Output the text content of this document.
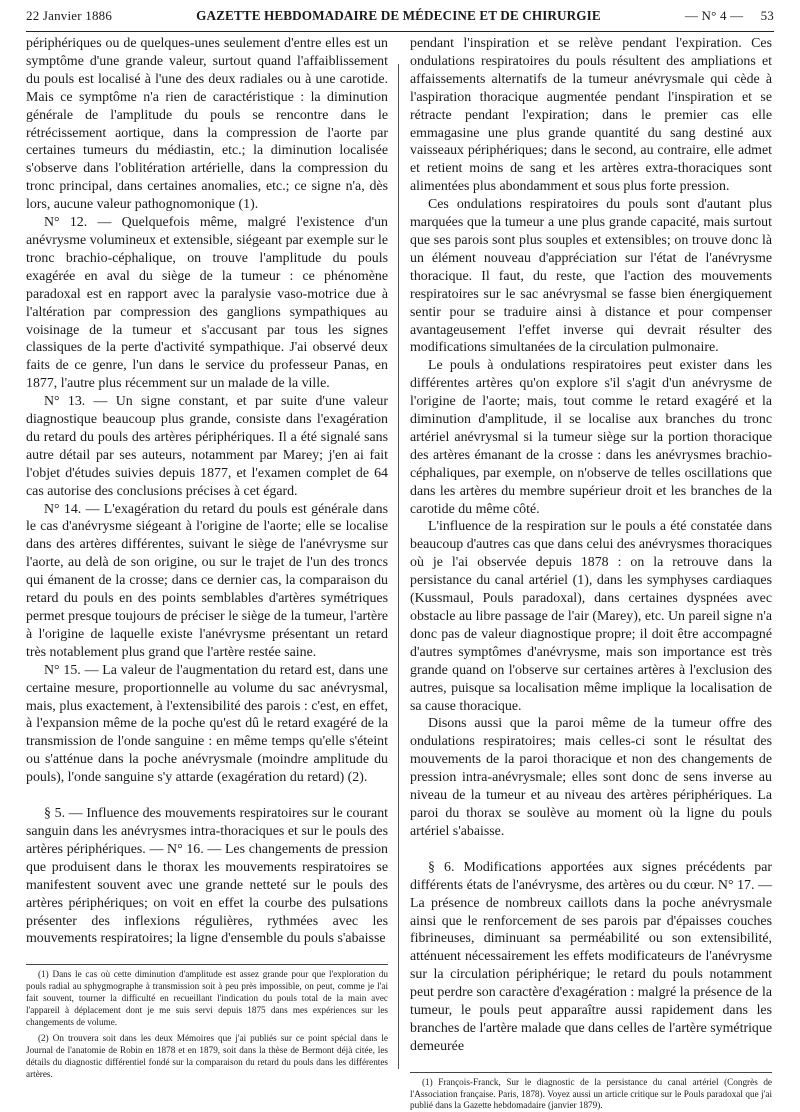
22 Janvier 1886	GAZETTE HEBDOMADAIRE DE MÉDECINE ET DE CHIRURGIE	— N° 4 — 53

périphériques ou de quelques-unes seulement d'entre elles est un symptôme d'une grande valeur, surtout quand l'affaiblissement du pouls est localisé à l'une des deux radiales ou à une carotide. Mais ce symptôme n'a rien de caractéristique : la diminution générale de l'amplitude du pouls se rencontre dans le rétrécissement aortique, dans la compression de l'aorte par certaines tumeurs du médiastin, etc.; la diminution localisée s'observe dans l'oblitération artérielle, dans la compression du tronc principal, dans certaines anomalies, etc.; ce signe n'a, dès lors, aucune valeur pathognomonique (1).

N° 12. — Quelquefois même, malgré l'existence d'un anévrysme volumineux et extensible, siégeant par exemple sur le tronc brachio-céphalique, on trouve l'amplitude du pouls exagérée en aval du siège de la tumeur : ce phénomène paradoxal est en rapport avec la paralysie vaso-motrice due à l'altération par compression des ganglions sympathiques au voisinage de la tumeur et s'accusant par tous les signes classiques de la perte d'activité sympathique. J'ai observé deux faits de ce genre, l'un dans le service du professeur Panas, en 1877, l'autre plus récemment sur un malade de la ville.

N° 13. — Un signe constant, et par suite d'une valeur diagnostique beaucoup plus grande, consiste dans l'exagération du retard du pouls des artères périphériques. Il a été signalé sans autre détail par ses auteurs, notamment par Marey; j'en ai fait l'objet d'études suivies depuis 1877, et l'examen complet de 64 cas autorise des conclusions précises à cet égard.

N° 14. — L'exagération du retard du pouls est générale dans le cas d'anévrysme siégeant à l'origine de l'aorte; elle se localise dans des artères différentes, suivant le siège de l'anévrysme sur l'aorte, au delà de son origine, ou sur le trajet de l'un des troncs qui émanent de la crosse; dans ce dernier cas, la comparaison du retard du pouls en des points semblables d'artères symétriques permet presque toujours de préciser le siège de la tumeur, l'artère à l'origine de laquelle existe l'anévrysme présentant un retard très notablement plus grand que l'artère restée saine.

N° 15. — La valeur de l'augmentation du retard est, dans une certaine mesure, proportionnelle au volume du sac anévrysmal, mais, plus exactement, à l'extensibilité des parois : c'est, en effet, à l'expansion même de la poche qu'est dû le retard exagéré de la transmission de l'onde sanguine : en même temps qu'elle s'éteint ou s'atténue dans la poche anévrysmale (moindre amplitude du pouls), l'onde sanguine s'y attarde (exagération du retard) (2).

§ 5. — Influence des mouvements respiratoires sur le courant sanguin dans les anévrysmes intra-thoraciques et sur le pouls des artères périphériques. — N° 16. — Les changements de pression que produisent dans le thorax les mouvements respiratoires se manifestent souvent avec une grande netteté sur le pouls des artères périphériques; on voit en effet la courbe des pulsations présenter des inflexions régulières, rythmées avec les mouvements respiratoires; la ligne d'ensemble du pouls s'abaisse

(1) Dans le cas où cette diminution d'amplitude est assez grande pour que l'exploration du pouls radial au sphygmographe à transmission soit à peu près impossible, on peut, comme je l'ai fait souvent, tourner la difficulté en recueillant l'indication du pouls total de la main avec l'appareil à déplacement dont je me suis servi depuis 1875 dans mes expériences sur les changements de volume.

(2) On trouvera soit dans les deux Mémoires que j'ai publiés sur ce point spécial dans le Journal de l'anatomie de Robin en 1878 et en 1879, soit dans la thèse de Bermont déjà citée, les détails du diagnostic différentiel fondé sur la comparaison du retard du pouls dans les différentes artères.

pendant l'inspiration et se relève pendant l'expiration. Ces ondulations respiratoires du pouls résultent des ampliations et affaissements alternatifs de la tumeur anévrysmale qui cède à l'aspiration thoracique augmentée pendant l'inspiration et se rétracte pendant l'expiration; dans le premier cas elle emmagasine une plus grande quantité du sang destiné aux vaisseaux périphériques; dans le second, au contraire, elle admet et retient moins de sang et les artères extra-thoraciques sont alimentées plus abondamment et sous plus forte pression.

Ces ondulations respiratoires du pouls sont d'autant plus marquées que la tumeur a une plus grande capacité, mais surtout que ses parois sont plus souples et extensibles; on trouve donc là un élément nouveau d'appréciation sur l'état de l'anévrysme thoracique. Il faut, du reste, que l'action des mouvements respiratoires sur le sac anévrysmal se fasse bien énergiquement sentir pour se traduire ainsi à distance et pour compenser avantageusement l'effet inverse qui devrait résulter des modifications simultanées de la circulation pulmonaire.

Le pouls à ondulations respiratoires peut exister dans les différentes artères qu'on explore s'il s'agit d'un anévrysme de l'origine de l'aorte; mais, tout comme le retard exagéré et la diminution d'amplitude, il se localise aux branches du tronc artériel anévrysmal si la tumeur siège sur la portion thoracique des artères émanant de la crosse : dans les anévrysmes brachio-céphaliques, par exemple, on n'observe de telles oscillations que dans les artères du membre supérieur droit et les branches de la carotide du même côté.

L'influence de la respiration sur le pouls a été constatée dans beaucoup d'autres cas que dans celui des anévrysmes thoraciques où je l'ai observée depuis 1878 : on la retrouve dans la persistance du canal artériel (1), dans les symphyses cardiaques (Kussmaul, Pouls paradoxal), dans certaines dyspnées avec obstacle au libre passage de l'air (Marey), etc. Un pareil signe n'a donc pas de valeur diagnostique propre; il doit être accompagné d'autres symptômes d'anévrysme, mais son importance est très grande quand on l'observe sur certaines artères à l'exclusion des autres, puisque sa localisation même implique la localisation de sa cause thoracique.

Disons aussi que la paroi même de la tumeur offre des ondulations respiratoires; mais celles-ci sont le résultat des mouvements de la paroi thoracique et non des changements de pression intra-anévrysmale; elles sont donc de sens inverse au niveau de la tumeur et au niveau des artères périphériques. La paroi du thorax se soulève au moment où la ligne du pouls artériel s'abaisse.

§ 6. Modifications apportées aux signes précédents par différents états de l'anévrysme, des artères ou du cœur. N° 17. — La présence de nombreux caillots dans la poche anévrysmale ainsi que le renforcement de ses parois par d'épaisses couches fibrineuses, diminuant sa perméabilité ou son extensibilité, atténuent nécessairement les effets modificateurs de l'anévrysme sur la circulation périphérique; le retard du pouls notamment peut perdre son caractère d'exagération : malgré la présence de la tumeur, le pouls peut apparaître aussi rapidement dans les branches de l'artère malade que dans celles de l'artère symétrique demeurée

(1) François-Franck, Sur le diagnostic de la persistance du canal artériel (Congrès de l'Association française. Paris, 1878). Voyez aussi un article critique sur le Pouls paradoxal que j'ai publié dans la Gazette hebdomadaire (janvier 1879).
